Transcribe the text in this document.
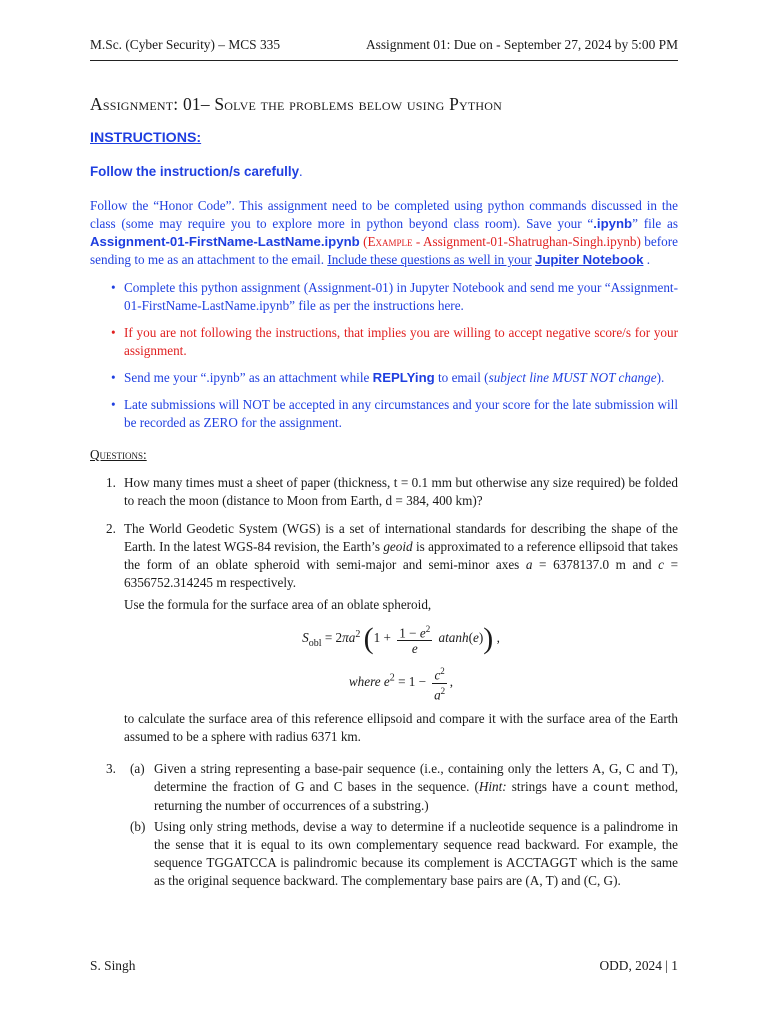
M.Sc. (Cyber Security) – MCS 335	Assignment 01: Due on - September 27, 2024 by 5:00 PM
Assignment: 01– Solve the problems below using Python
INSTRUCTIONS:
Follow the instruction/s carefully.
Follow the “Honor Code”. This assignment need to be completed using python commands discussed in the class (some may require you to explore more in python beyond class room). Save your “.ipynb” file as Assignment-01-FirstName-LastName.ipynb (Example - Assignment-01-Shatrughan-Singh.ipynb) before sending to me as an attachment to the email. Include these questions as well in your Jupiter Notebook .
• Complete this python assignment (Assignment-01) in Jupyter Notebook and send me your “Assignment-01-FirstName-LastName.ipynb” file as per the instructions here.
• If you are not following the instructions, that implies you are willing to accept negative score/s for your assignment.
• Send me your “.ipynb” as an attachment while REPLYing to email (subject line MUST NOT change).
• Late submissions will NOT be accepted in any circumstances and your score for the late submission will be recorded as ZERO for the assignment.
Questions:
1. How many times must a sheet of paper (thickness, t = 0.1 mm but otherwise any size required) be folded to reach the moon (distance to Moon from Earth, d = 384, 400 km)?
2. The World Geodetic System (WGS) is a set of international standards for describing the shape of the Earth. In the latest WGS-84 revision, the Earth’s geoid is approximated to a reference ellipsoid that takes the form of an oblate spheroid with semi-major and semi-minor axes a = 6378137.0 m and c = 6356752.314245 m respectively.
Use the formula for the surface area of an oblate spheroid,
$S_{obl} = 2\pi a^2$ $(1 + \frac{1 - e^2}{e} atanh(e))$ ,
where $e^2 = 1 - \frac{c^2}{a^2}$ ,
to calculate the surface area of this reference ellipsoid and compare it with the surface area of the Earth assumed to be a sphere with radius 6371 km.
3. (a) Given a string representing a base-pair sequence (i.e., containing only the letters A, G, C and T), determine the fraction of G and C bases in the sequence. (Hint: strings have a count method, returning the number of occurrences of a substring.)
(b) Using only string methods, devise a way to determine if a nucleotide sequence is a palindrome in the sense that it is equal to its own complementary sequence read backward. For example, the sequence TGGATCCA is palindromic because its complement is ACCTAGGT which is the same as the original sequence backward. The complementary base pairs are (A, T) and (C, G).
S. Singh	ODD, 2024 | 1
